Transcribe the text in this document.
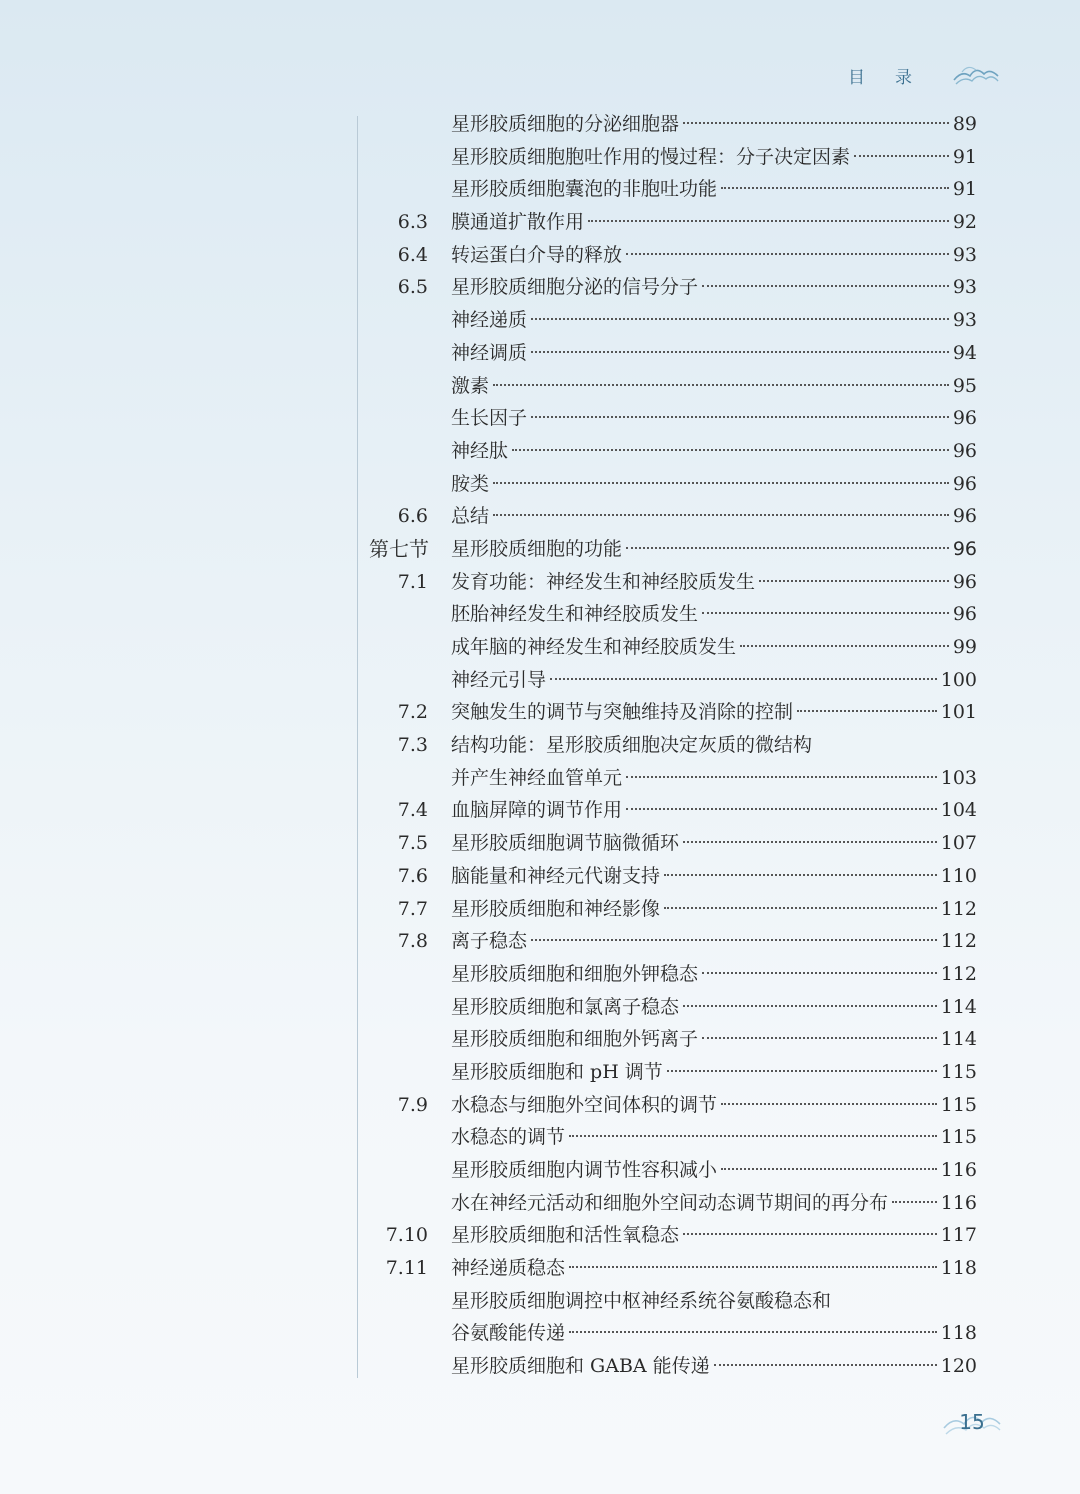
目录
星形胶质细胞的分泌细胞器	89
星形胶质细胞胞吐作用的慢过程：分子决定因素	91
星形胶质细胞囊泡的非胞吐功能	91
6.3 膜通道扩散作用	92
6.4 转运蛋白介导的释放	93
6.5 星形胶质细胞分泌的信号分子	93
神经递质	93
神经调质	94
激素	95
生长因子	96
神经肽	96
胺类	96
6.6 总结	96
第七节 星形胶质细胞的功能	96
7.1 发育功能：神经发生和神经胶质发生	96
胚胎神经发生和神经胶质发生	96
成年脑的神经发生和神经胶质发生	99
神经元引导	100
7.2 突触发生的调节与突触维持及消除的控制	101
7.3 结构功能：星形胶质细胞决定灰质的微结构
并产生神经血管单元	103
7.4 血脑屏障的调节作用	104
7.5 星形胶质细胞调节脑微循环	107
7.6 脑能量和神经元代谢支持	110
7.7 星形胶质细胞和神经影像	112
7.8 离子稳态	112
星形胶质细胞和细胞外钾稳态	112
星形胶质细胞和氯离子稳态	114
星形胶质细胞和细胞外钙离子	114
星形胶质细胞和 pH 调节	115
7.9 水稳态与细胞外空间体积的调节	115
水稳态的调节	115
星形胶质细胞内调节性容积减小	116
水在神经元活动和细胞外空间动态调节期间的再分布	116
7.10 星形胶质细胞和活性氧稳态	117
7.11 神经递质稳态	118
星形胶质细胞调控中枢神经系统谷氨酸稳态和
谷氨酸能传递	118
星形胶质细胞和 GABA 能传递	120
15
